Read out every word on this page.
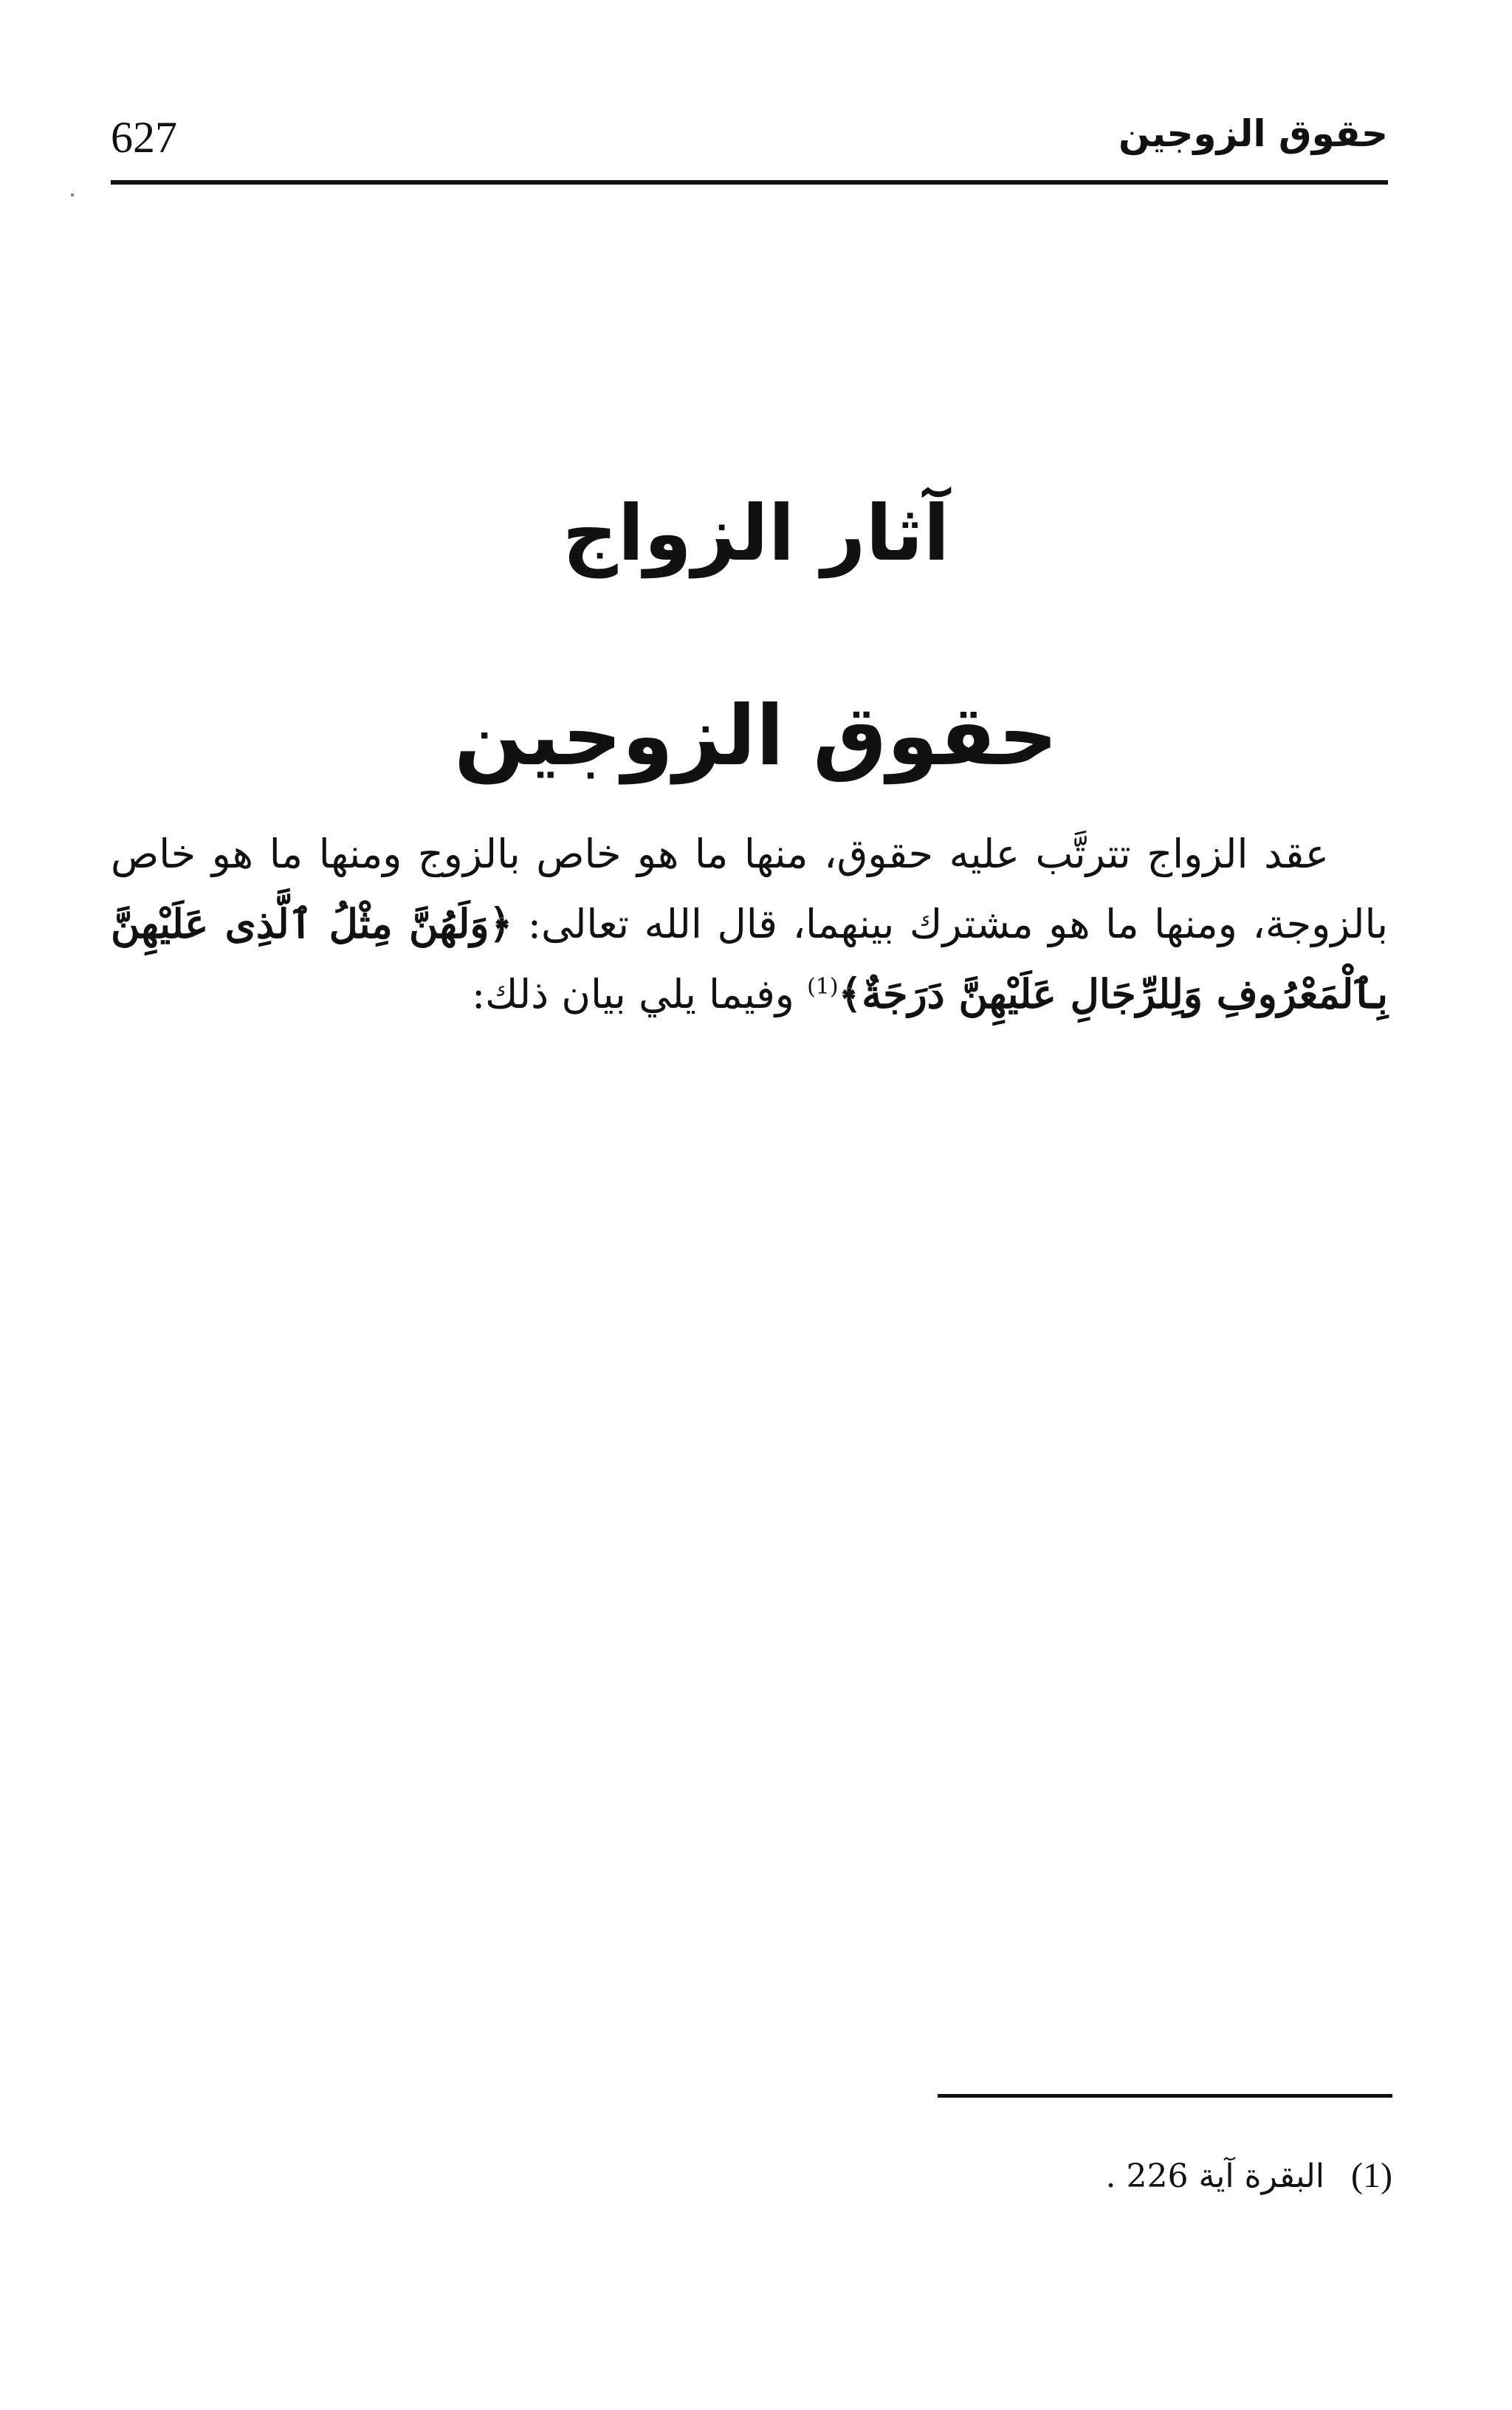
627	حقوق الزوجين
آثار الزواج
حقوق الزوجين

عقد الزواج تترتَّب عليه حقوق، منها ما هو خاص بالزوج ومنها ما هو خاص بالزوجة، ومنها ما هو مشترك بينهما، قال الله تعالى: ﴿وَلَهُنَّ مِثْلُ ٱلَّذِى عَلَيْهِنَّ بِٱلْمَعْرُوفِ وَلِلرِّجَالِ عَلَيْهِنَّ دَرَجَةٌ﴾$^{(1)}$ وفيما يلي بيان ذلك:

(1)البقرة آية 226 .
